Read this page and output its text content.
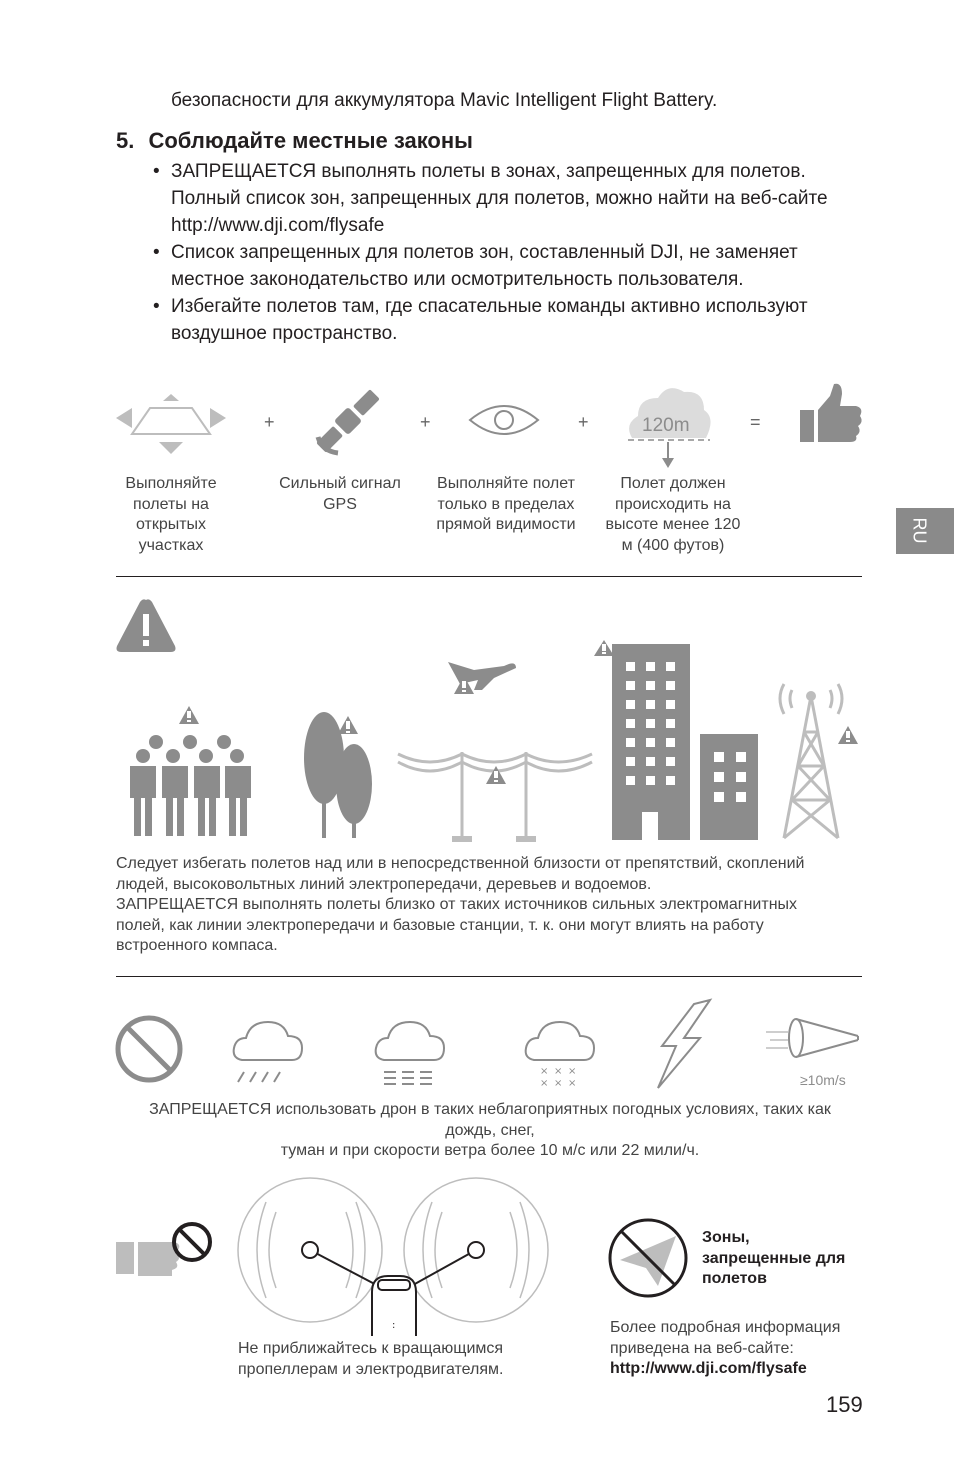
безопасности для аккумулятора Mavic Intelligent Flight Battery.
5. Соблюдайте местные законы
• ЗАПРЕЩАЕТСЯ выполнять полеты в зонах, запрещенных для полетов. Полный список зон, запрещенных для полетов, можно найти на веб-сайте http://www.dji.com/flysafe
• Список запрещенных для полетов зон, составленный DJI, не заменяет местное законодательство или осмотрительность пользователя.
• Избегайте полетов там, где спасательные команды активно используют воздушное пространство.
+	+	+	120m	=
Выполняйте полеты на открытых участках
Сильный сигнал GPS
Выполняйте полет только в пределах прямой видимости
Полет должен происходить на высоте менее 120 м (400 футов)
RU
Следует избегать полетов над или в непосредственной близости от препятствий, скоплений
людей, высоковольтных линий электропередачи, деревьев и водоемов.
ЗАПРЕЩАЕТСЯ выполнять полеты близко от таких источников сильных электромагнитных
полей, как линии электропередачи и базовые станции, т. к. они могут влиять на работу
встроенного компаса.
× × ×
× × ×	≥10m/s
ЗАПРЕЩАЕТСЯ использовать дрон в таких неблагоприятных погодных условиях, таких как
дождь, снег,
туман и при скорости ветра более 10 м/с или 22 мили/ч.
:
Не приближайтесь к вращающимся
пропеллерам и электродвигателям.
Зоны,
запрещенные для
полетов
Более подробная информация
приведена на веб-сайте:
http://www.dji.com/flysafe
159
